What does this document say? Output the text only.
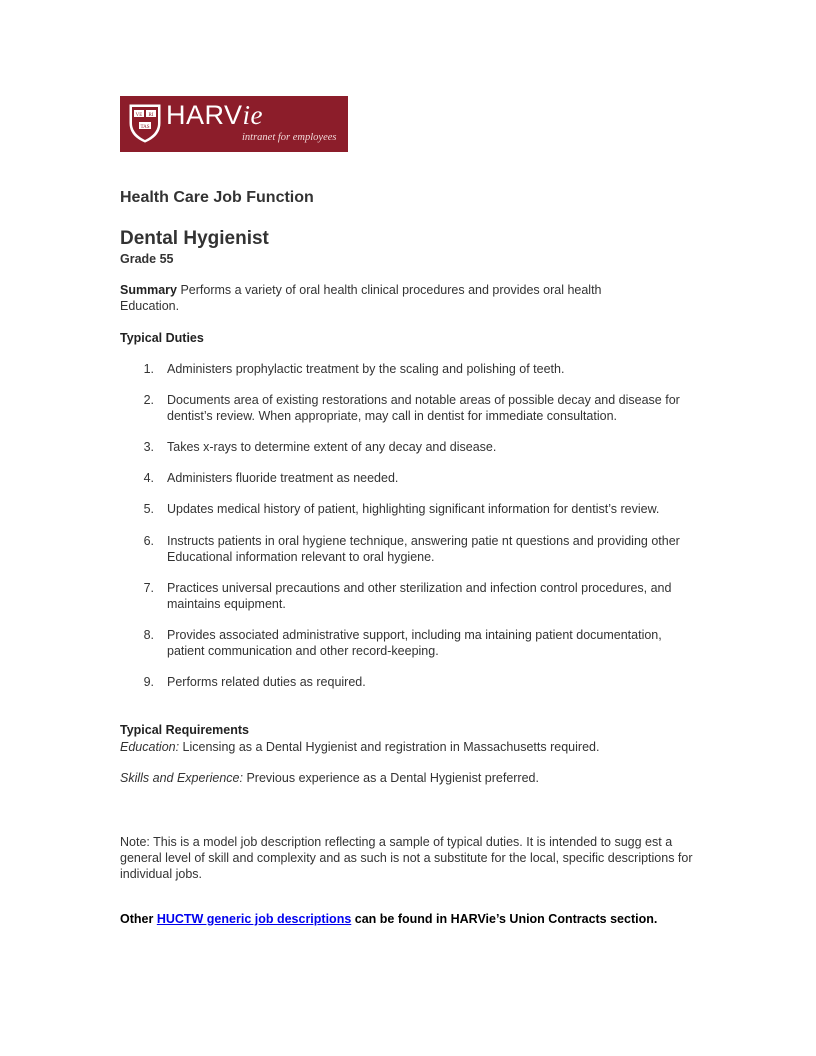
VE RI
TAS HARVie
intranet for employees
Health Care Job Function
Dental Hygienist
Grade 55
Summary Performs a variety of oral health clinical procedures and provides oral health Education.
Typical Duties
1. Administers prophylactic treatment by the scaling and polishing of teeth.
2. Documents area of existing restorations and notable areas of possible decay and disease for dentist’s review. When appropriate, may call in dentist for immediate consultation.
3. Takes x-rays to determine extent of any decay and disease.
4. Administers fluoride treatment as needed.
5. Updates medical history of patient, highlighting significant information for dentist’s review.
6. Instructs patients in oral hygiene technique, answering patie nt questions and providing other Educational information relevant to oral hygiene.
7. Practices universal precautions and other sterilization and infection control procedures, and maintains equipment.
8. Provides associated administrative support, including ma intaining patient documentation, patient communication and other record-keeping.
9. Performs related duties as required.
Typical Requirements
Education: Licensing as a Dental Hygienist and registration in Massachusetts required.
Skills and Experience: Previous experience as a Dental Hygienist preferred.
Note: This is a model job description reflecting a sample of typical duties. It is intended to sugg est a general level of skill and complexity and as such is not a substitute for the local, specific descriptions for individual jobs.
Other HUCTW generic job descriptions can be found in HARVie’s Union Contracts section.
